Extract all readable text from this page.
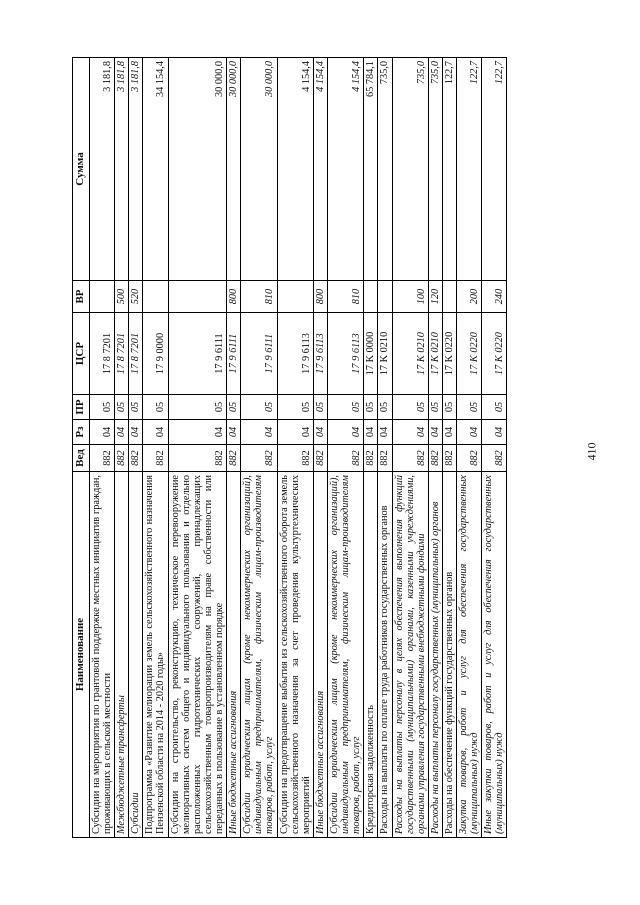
410
Наименование	Вед	Рз	ПР	ЦСР	ВР	Сумма
Субсидии на мероприятия по грантовой поддержке местных инициатив граждан, проживающих в сельской местности	882	04	05	17 8 7201		3 181,8
Межбюджетные трансферты	882	04	05	17 8 7201	500	3 181,8
Субсидии	882	04	05	17 8 7201	520	3 181,8
Подпрограмма «Развитие мелиорации земель сельскохозяйственного назначения Пензенской области на 2014 - 2020 годы»	882	04	05	17 9 0000		34 154,4
Субсидии на строительство, реконструкцию, техническое перевооружение мелиоративных систем общего и индивидуального пользования и отдельно расположенных гидротехнических сооружений, принадлежащих сельскохозяйственным товаропроизводителям на праве собственности или переданных в пользование в установленном порядке	882	04	05	17 9 6111		30 000,0
Иные бюджетные ассигнования	882	04	05	17 9 6111	800	30 000,0
Субсидии юридическим лицам (кроме некоммерческих организаций), индивидуальным предпринимателям, физическим лицам-производителям товаров, работ, услуг	882	04	05	17 9 6111	810	30 000,0
Субсидии на предотвращение выбытия из сельскохозяйственного оборота земель сельскохозяйственного назначения за счет проведения культуртехнических мероприятий	882	04	05	17 9 6113		4 154,4
Иные бюджетные ассигнования	882	04	05	17 9 6113	800	4 154,4
Субсидии юридическим лицам (кроме некоммерческих организаций), индивидуальным предпринимателям, физическим лицам-производителям товаров, работ, услуг	882	04	05	17 9 6113	810	4 154,4
Кредиторская задолженность	882	04	05	17 K 0000		65 784,1
Расходы на выплаты по оплате труда работников государственных органов	882	04	05	17 K 0210		735,0
Расходы на выплаты персоналу в целях обеспечения выполнения функций государственными (муниципальными) органами, казенными учреждениями, органами управления государственными внебюджетными фондами	882	04	05	17 K 0210	100	735,0
Расходы на выплаты персоналу государственных (муниципальных) органов	882	04	05	17 K 0210	120	735,0
Расходы на обеспечение функций государственных органов	882	04	05	17 K 0220		122,7
Закупка товаров, работ и услуг для обеспечения государственных (муниципальных) нужд	882	04	05	17 K 0220	200	122,7
Иные закупки товаров, работ и услуг для обеспечения государственных (муниципальных) нужд	882	04	05	17 K 0220	240	122,7
